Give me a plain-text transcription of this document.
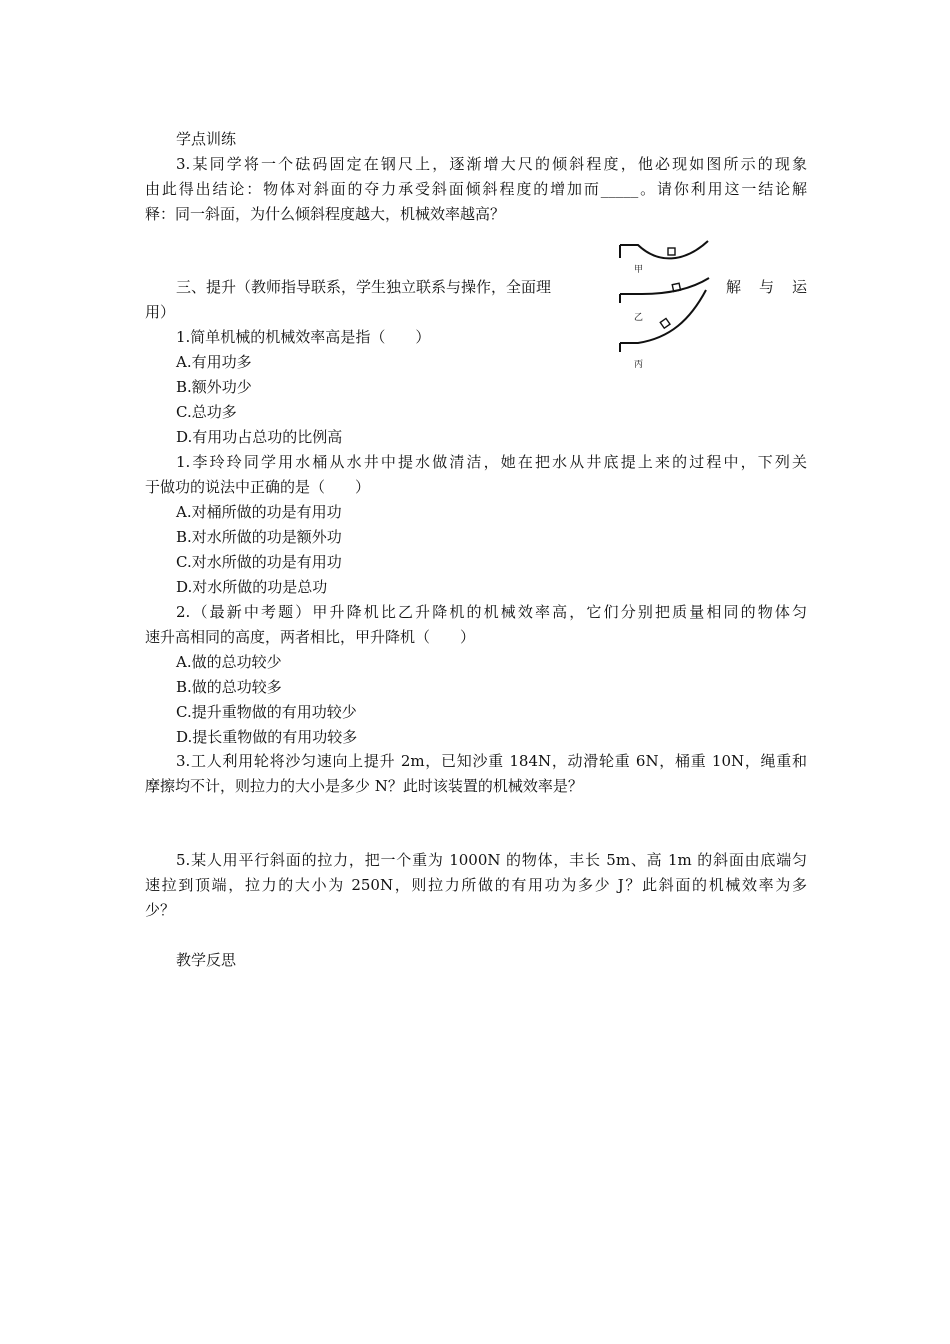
学点训练
3.某同学将一个砝码固定在钢尺上，逐渐增大尺的倾斜程度，他必现如图所示的现象
由此得出结论：物体对斜面的夺力承受斜面倾斜程度的增加而_____。请你利用这一结论解
释：同一斜面，为什么倾斜程度越大，机械效率越高？
甲
乙
丙
三、提升（教师指导联系，学生独立联系与操作，全面理	解 与 运
用）
1.简单机械的机械效率高是指（　　）
A.有用功多
B.额外功少
C.总功多
D.有用功占总功的比例高
1.李玲玲同学用水桶从水井中提水做清洁，她在把水从井底提上来的过程中，下列关
于做功的说法中正确的是（　　）
A.对桶所做的功是有用功
B.对水所做的功是额外功
C.对水所做的功是有用功
D.对水所做的功是总功
2.（最新中考题）甲升降机比乙升降机的机械效率高，它们分别把质量相同的物体匀
速升高相同的高度，两者相比，甲升降机（　　）
A.做的总功较少
B.做的总功较多
C.提升重物做的有用功较少
D.提长重物做的有用功较多
3.工人利用轮将沙匀速向上提升 2m，已知沙重 184N，动滑轮重 6N，桶重 10N，绳重和
摩擦均不计，则拉力的大小是多少 N？此时该装置的机械效率是？
5.某人用平行斜面的拉力，把一个重为 1000N 的物体，丰长 5m、高 1m 的斜面由底端匀
速拉到顶端，拉力的大小为 250N，则拉力所做的有用功为多少 J？此斜面的机械效率为多
少？
教学反思
